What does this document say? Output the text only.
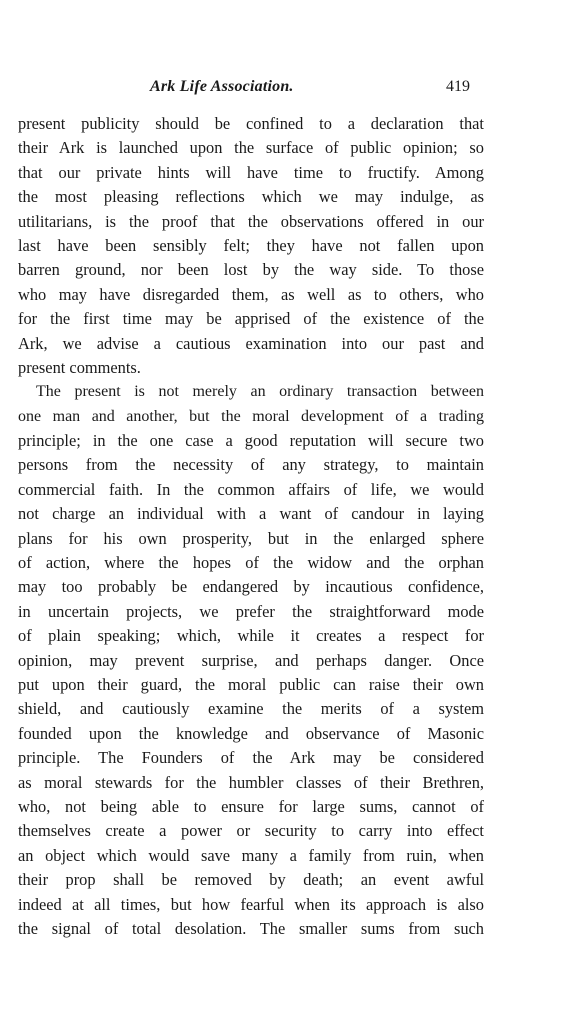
Ark Life Association.	419
present publicity should be confined to a declaration that
their Ark is launched upon the surface of public opinion; so
that our private hints will have time to fructify. Among
the most pleasing reflections which we may indulge, as
utilitarians, is the proof that the observations offered in our
last have been sensibly felt; they have not fallen upon
barren ground, nor been lost by the way side. To those
who may have disregarded them, as well as to others, who
for the first time may be apprised of the existence of the
Ark, we advise a cautious examination into our past and
present comments.
The present is not merely an ordinary transaction between
one man and another, but the moral development of a trading
principle; in the one case a good reputation will secure two
persons from the necessity of any strategy, to maintain
commercial faith. In the common affairs of life, we would
not charge an individual with a want of candour in laying
plans for his own prosperity, but in the enlarged sphere
of action, where the hopes of the widow and the orphan
may too probably be endangered by incautious confidence,
in uncertain projects, we prefer the straightforward mode
of plain speaking; which, while it creates a respect for
opinion, may prevent surprise, and perhaps danger. Once
put upon their guard, the moral public can raise their own
shield, and cautiously examine the merits of a system
founded upon the knowledge and observance of Masonic
principle. The Founders of the Ark may be considered
as moral stewards for the humbler classes of their Brethren,
who, not being able to ensure for large sums, cannot of
themselves create a power or security to carry into effect
an object which would save many a family from ruin, when
their prop shall be removed by death; an event awful
indeed at all times, but how fearful when its approach is also
the signal of total desolation. The smaller sums from such
